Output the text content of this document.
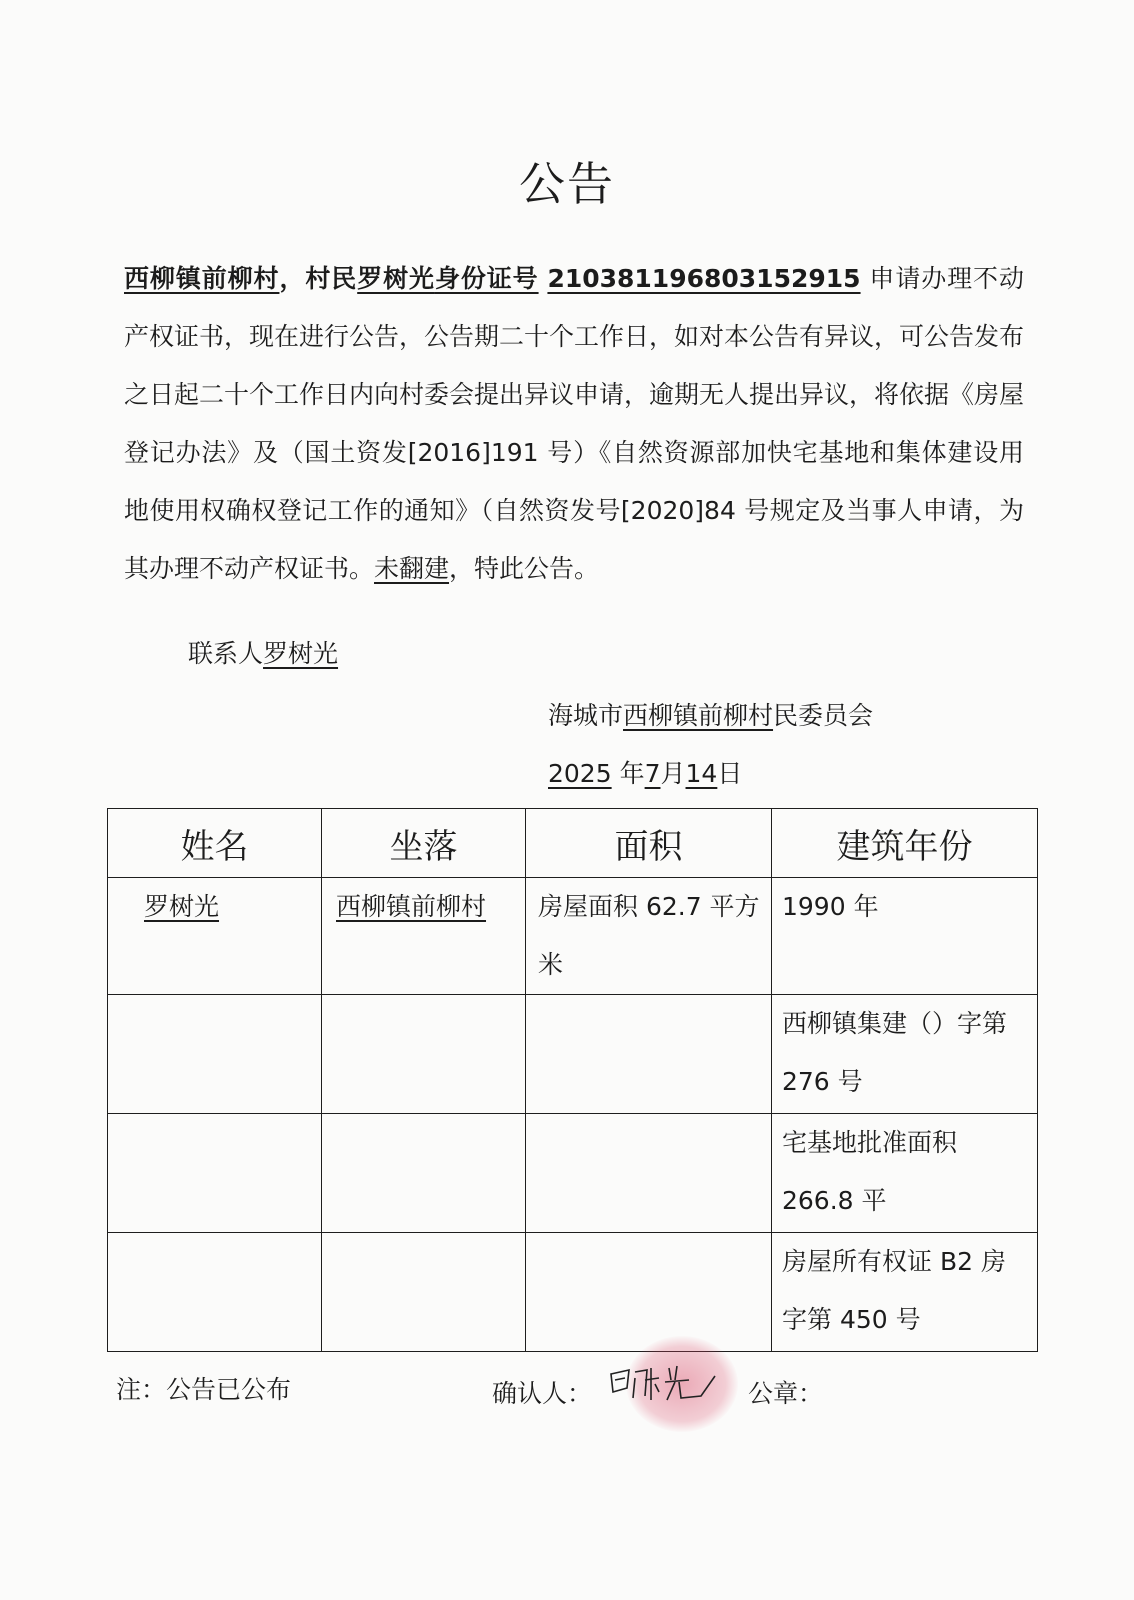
公告
西柳镇前柳村，村民罗树光身份证号 210381196803152915 申请办理不动产权证书，现在进行公告，公告期二十个工作日，如对本公告有异议，可公告发布之日起二十个工作日内向村委会提出异议申请，逾期无人提出异议，将依据《房屋登记办法》及（国土资发[2016]191 号）《自然资源部加快宅基地和集体建设用地使用权确权登记工作的通知》（自然资发号[2020]84 号规定及当事人申请，为其办理不动产权证书。未翻建，特此公告。
联系人罗树光
海城市西柳镇前柳村民委员会
2025 年7月14日
姓名	坐落	面积	建筑年份
罗树光	西柳镇前柳村	房屋面积 62.7 平方米	1990 年
			西柳镇集建（）字第 276 号
			宅基地批准面积 266.8 平
			房屋所有权证 B2 房字第 450 号
注：公告已公布	确认人：	公章：
